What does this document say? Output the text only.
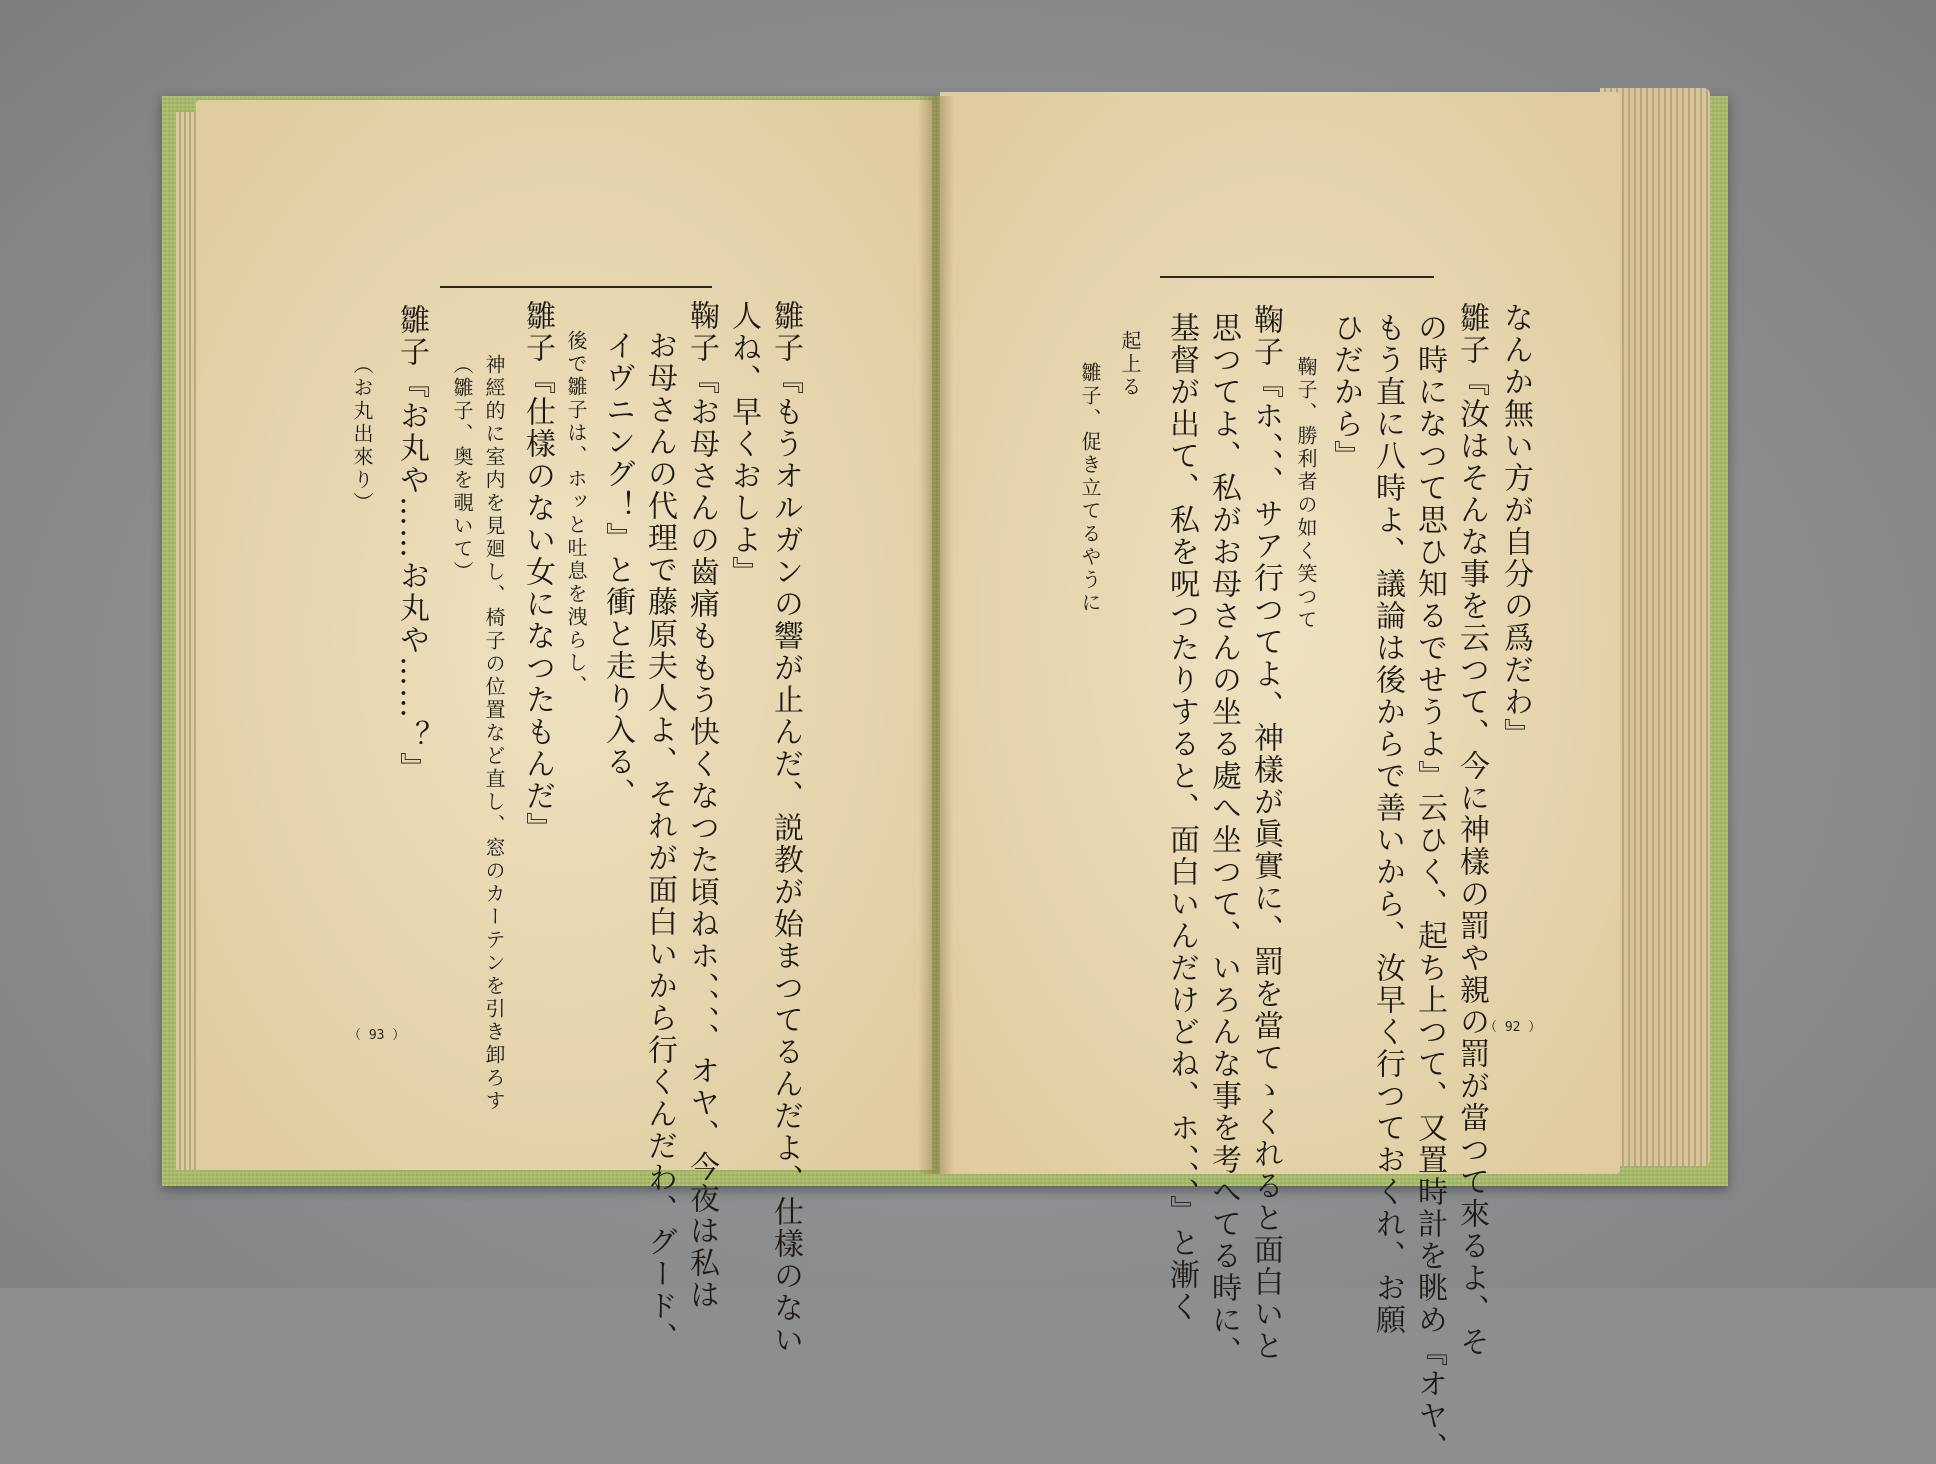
雛子『もうオルガンの響が止んだ、説教が始まつてるんだよ、仕樣のない
人ね、早くおしよ』
鞠子『お母さんの齒痛ももう快くなつた頃ねホ、、、、オヤ、今夜は私は
お母さんの代理で藤原夫人よ、それが面白いから行くんだわ、グード、
イヴニング！』と衝と走り入る、
後で雛子は、ホッと吐息を洩らし、
雛子『仕樣のない女になつたもんだ』
神經的に室内を見廻し、椅子の位置など直し、窓のカーテンを引き卸ろす
（雛子、奥を覗いて）
雛子『お丸や……お丸や……？』
（お丸出來り）
（ 93 ）
なんか無い方が自分の爲だわ』
雛子『汝はそんな事を云つて、今に神樣の罰や親の罰が當つて來るよ、そ
の時になつて思ひ知るでせうよ』云ひく、起ち上つて、又置時計を眺め『オヤ、
もう直に八時よ、議論は後からで善いから、汝早く行つておくれ、お願
ひだから』
鞠子、勝利者の如く笑つて
鞠子『ホ、、、サア行つてよ、神樣が眞實に、罰を當てゝくれると面白いと
思つてよ、私がお母さんの坐る處へ坐つて、いろんな事を考へてる時に、
基督が出て、私を呪つたりすると、面白いんだけどね、ホ、、、』と漸く
起上る
雛子、促き立てるやうに
（ 92 ）
